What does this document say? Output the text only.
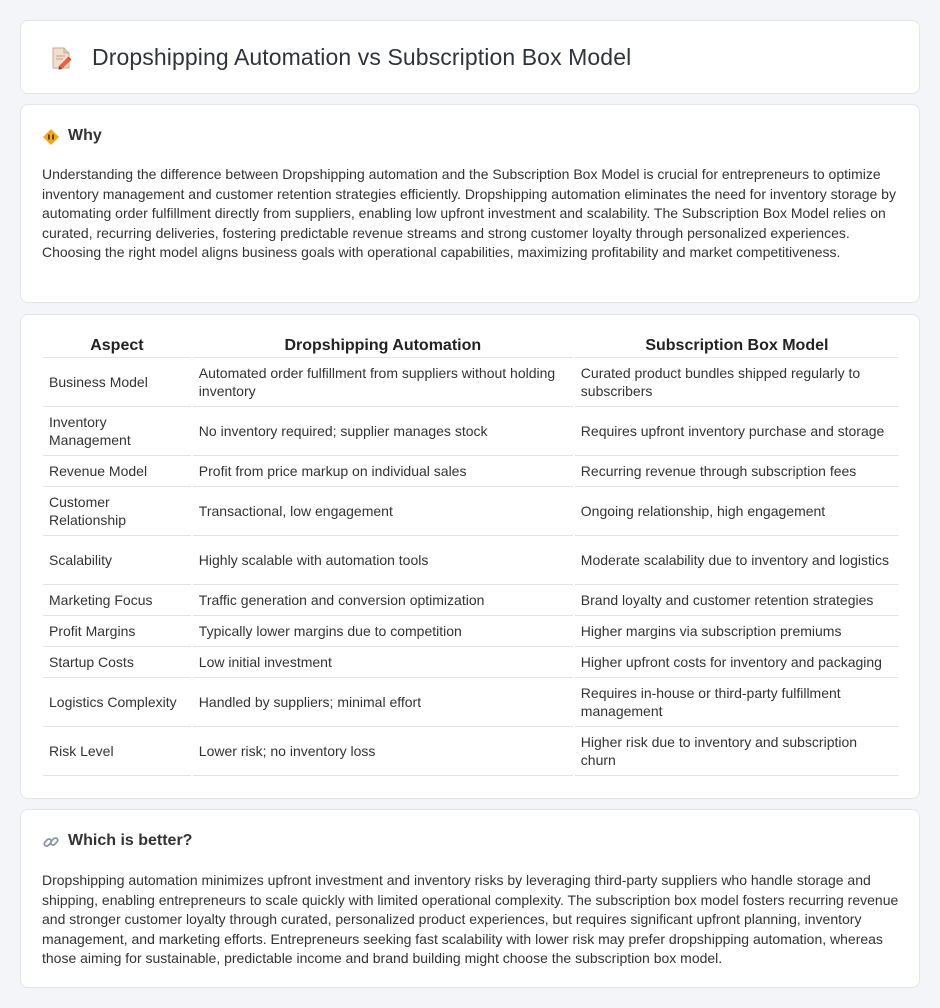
Dropshipping Automation vs Subscription Box Model
Why

Understanding the difference between Dropshipping automation and the Subscription Box Model is crucial for entrepreneurs to optimize inventory management and customer retention strategies efficiently. Dropshipping automation eliminates the need for inventory storage by automating order fulfillment directly from suppliers, enabling low upfront investment and scalability. The Subscription Box Model relies on curated, recurring deliveries, fostering predictable revenue streams and strong customer loyalty through personalized experiences. Choosing the right model aligns business goals with operational capabilities, maximizing profitability and market competitiveness.

Aspect	Dropshipping Automation	Subscription Box Model
Business Model	Automated order fulfillment from suppliers without holding inventory	Curated product bundles shipped regularly to subscribers
Inventory Management	No inventory required; supplier manages stock	Requires upfront inventory purchase and storage
Revenue Model	Profit from price markup on individual sales	Recurring revenue through subscription fees
Customer Relationship	Transactional, low engagement	Ongoing relationship, high engagement
Scalability	Highly scalable with automation tools	Moderate scalability due to inventory and logistics
Marketing Focus	Traffic generation and conversion optimization	Brand loyalty and customer retention strategies
Profit Margins	Typically lower margins due to competition	Higher margins via subscription premiums
Startup Costs	Low initial investment	Higher upfront costs for inventory and packaging
Logistics Complexity	Handled by suppliers; minimal effort	Requires in-house or third-party fulfillment management
Risk Level	Lower risk; no inventory loss	Higher risk due to inventory and subscription churn
Which is better?

Dropshipping automation minimizes upfront investment and inventory risks by leveraging third-party suppliers who handle storage and shipping, enabling entrepreneurs to scale quickly with limited operational complexity. The subscription box model fosters recurring revenue and stronger customer loyalty through curated, personalized product experiences, but requires significant upfront planning, inventory management, and marketing efforts. Entrepreneurs seeking fast scalability with lower risk may prefer dropshipping automation, whereas those aiming for sustainable, predictable income and brand building might choose the subscription box model.
